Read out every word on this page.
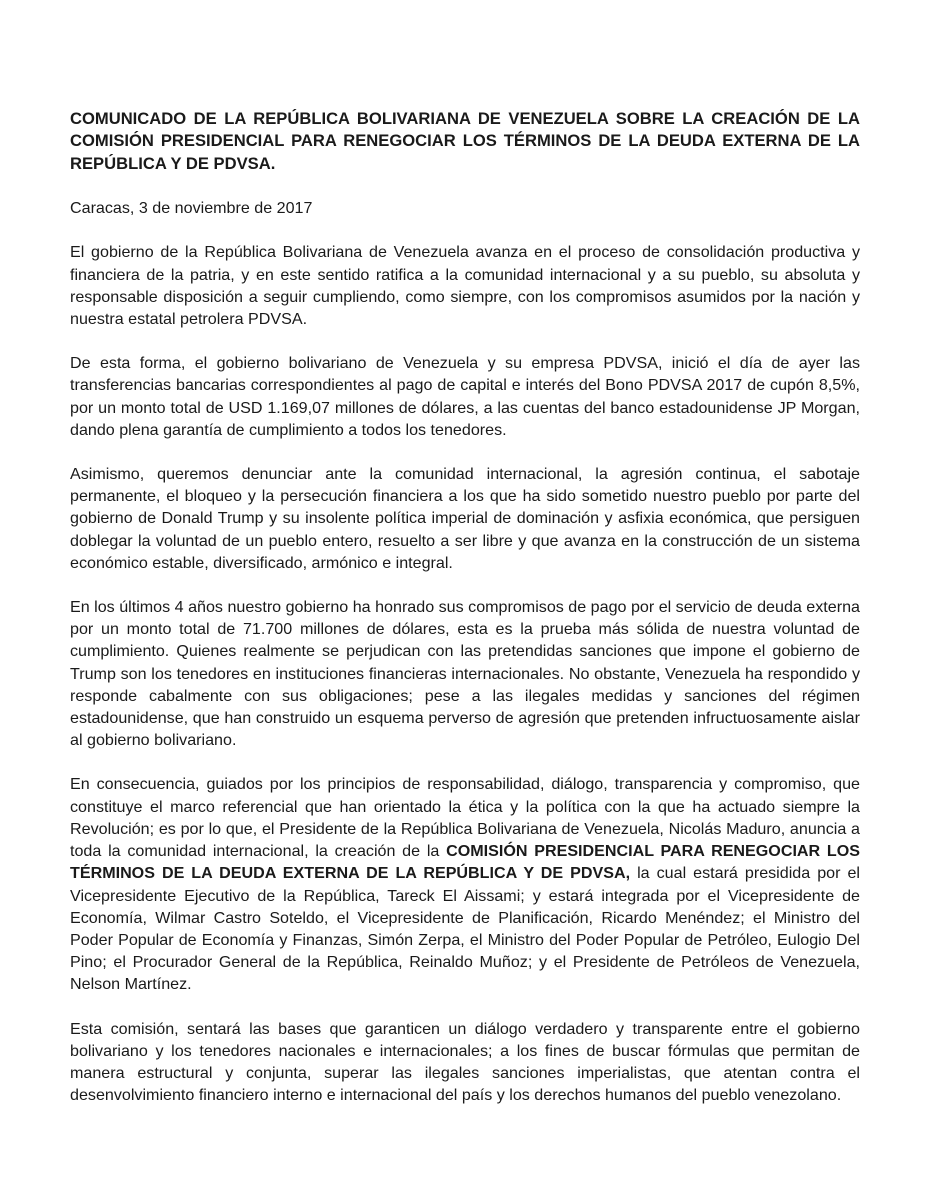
COMUNICADO DE LA REPÚBLICA BOLIVARIANA DE VENEZUELA SOBRE LA CREACIÓN DE LA COMISIÓN PRESIDENCIAL PARA RENEGOCIAR LOS TÉRMINOS DE LA DEUDA EXTERNA DE LA REPÚBLICA Y DE PDVSA.

Caracas, 3 de noviembre de 2017

El gobierno de la República Bolivariana de Venezuela avanza en el proceso de consolidación productiva y financiera de la patria, y en este sentido ratifica a la comunidad internacional y a su pueblo, su absoluta y responsable disposición a seguir cumpliendo, como siempre, con los compromisos asumidos por la nación y nuestra estatal petrolera PDVSA.

De esta forma, el gobierno bolivariano de Venezuela y su empresa PDVSA, inició el día de ayer las transferencias bancarias correspondientes al pago de capital e interés del Bono PDVSA 2017 de cupón 8,5%, por un monto total de USD 1.169,07 millones de dólares, a las cuentas del banco estadounidense JP Morgan, dando plena garantía de cumplimiento a todos los tenedores.

Asimismo, queremos denunciar ante la comunidad internacional, la agresión continua, el sabotaje permanente, el bloqueo y la persecución financiera a los que ha sido sometido nuestro pueblo por parte del gobierno de Donald Trump y su insolente política imperial de dominación y asfixia económica, que persiguen doblegar la voluntad de un pueblo entero, resuelto a ser libre y que avanza en la construcción de un sistema económico estable, diversificado, armónico e integral.

En los últimos 4 años nuestro gobierno ha honrado sus compromisos de pago por el servicio de deuda externa por un monto total de 71.700 millones de dólares, esta es la prueba más sólida de nuestra voluntad de cumplimiento. Quienes realmente se perjudican con las pretendidas sanciones que impone el gobierno de Trump son los tenedores en instituciones financieras internacionales. No obstante, Venezuela ha respondido y responde cabalmente con sus obligaciones; pese a las ilegales medidas y sanciones del régimen estadounidense, que han construido un esquema perverso de agresión que pretenden infructuosamente aislar al gobierno bolivariano.

En consecuencia, guiados por los principios de responsabilidad, diálogo, transparencia y compromiso, que constituye el marco referencial que han orientado la ética y la política con la que ha actuado siempre la Revolución; es por lo que, el Presidente de la República Bolivariana de Venezuela, Nicolás Maduro, anuncia a toda la comunidad internacional, la creación de la COMISIÓN PRESIDENCIAL PARA RENEGOCIAR LOS TÉRMINOS DE LA DEUDA EXTERNA DE LA REPÚBLICA Y DE PDVSA, la cual estará presidida por el Vicepresidente Ejecutivo de la República, Tareck El Aissami; y estará integrada por el Vicepresidente de Economía, Wilmar Castro Soteldo, el Vicepresidente de Planificación, Ricardo Menéndez; el Ministro del Poder Popular de Economía y Finanzas, Simón Zerpa, el Ministro del Poder Popular de Petróleo, Eulogio Del Pino; el Procurador General de la República, Reinaldo Muñoz; y el Presidente de Petróleos de Venezuela, Nelson Martínez.

Esta comisión, sentará las bases que garanticen un diálogo verdadero y transparente entre el gobierno bolivariano y los tenedores nacionales e internacionales; a los fines de buscar fórmulas que permitan de manera estructural y conjunta, superar las ilegales sanciones imperialistas, que atentan contra el desenvolvimiento financiero interno e internacional del país y los derechos humanos del pueblo venezolano.
